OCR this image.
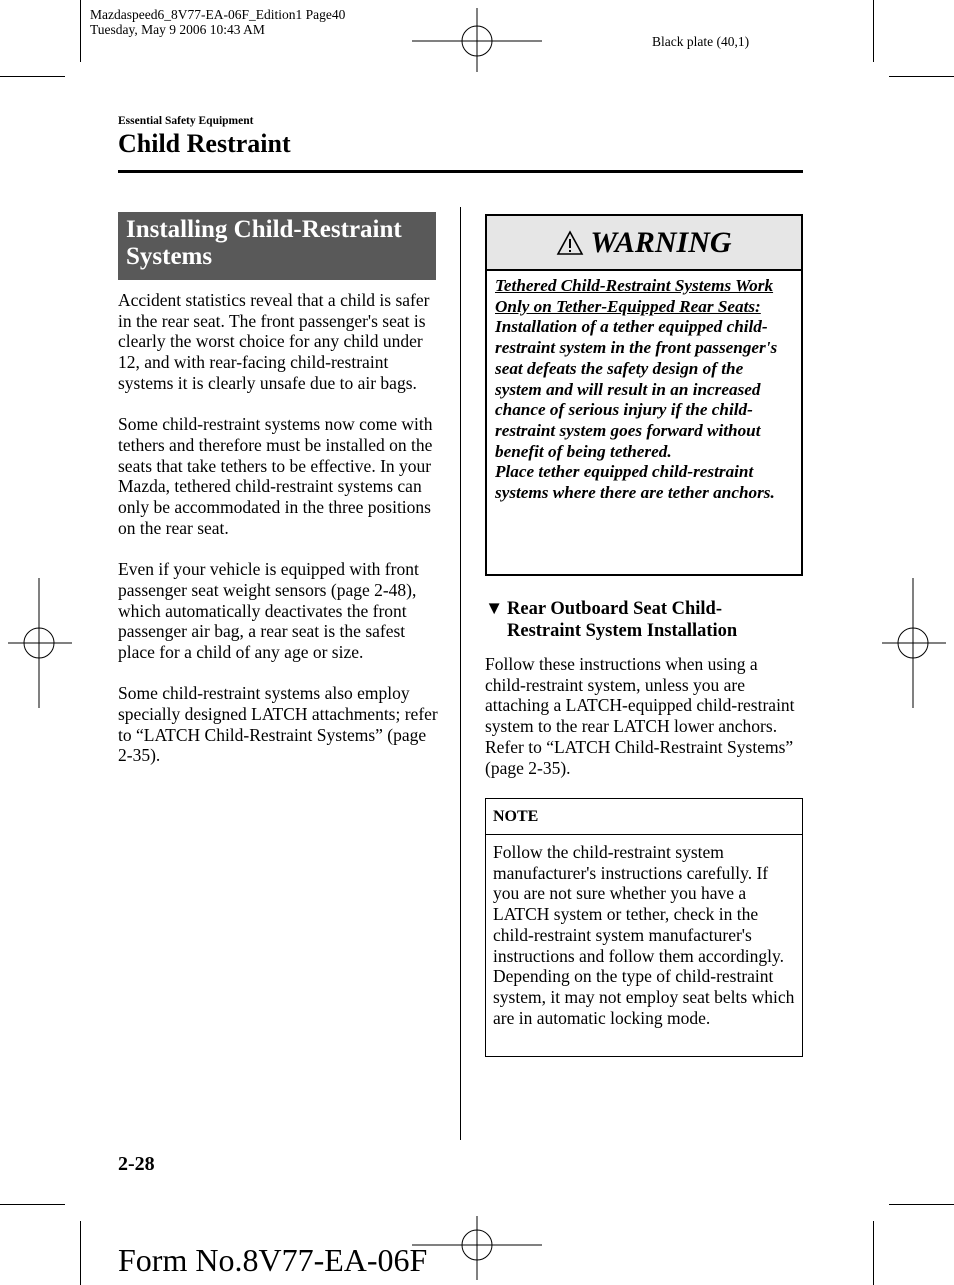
Mazdaspeed6_8V77-EA-06F_Edition1 Page40
Tuesday, May 9 2006 10:43 AM
Black plate (40,1)
Essential Safety Equipment
Child Restraint
Installing Child-Restraint Systems

Accident statistics reveal that a child is safer in the rear seat. The front passenger's seat is clearly the worst choice for any child under 12, and with rear-facing child-restraint systems it is clearly unsafe due to air bags.

Some child-restraint systems now come with tethers and therefore must be installed on the seats that take tethers to be effective. In your Mazda, tethered child-restraint systems can only be accommodated in the three positions on the rear seat.

Even if your vehicle is equipped with front passenger seat weight sensors (page 2-48), which automatically deactivates the front passenger air bag, a rear seat is the safest place for a child of any age or size.

Some child-restraint systems also employ specially designed LATCH attachments; refer to “LATCH Child-Restraint Systems” (page 2-35).

WARNING
Tethered Child-Restraint Systems Work Only on Tether-Equipped Rear Seats:
Installation of a tether equipped child-restraint system in the front passenger's seat defeats the safety design of the system and will result in an increased chance of serious injury if the child-restraint system goes forward without benefit of being tethered.
Place tether equipped child-restraint systems where there are tether anchors.
▼ Rear Outboard Seat Child-Restraint System Installation
Follow these instructions when using a child-restraint system, unless you are attaching a LATCH-equipped child-restraint system to the rear LATCH lower anchors. Refer to “LATCH Child-Restraint Systems” (page 2-35).
NOTE
Follow the child-restraint system manufacturer's instructions carefully. If you are not sure whether you have a LATCH system or tether, check in the child-restraint system manufacturer's instructions and follow them accordingly. Depending on the type of child-restraint system, it may not employ seat belts which are in automatic locking mode.
2-28
Form No.8V77-EA-06F
